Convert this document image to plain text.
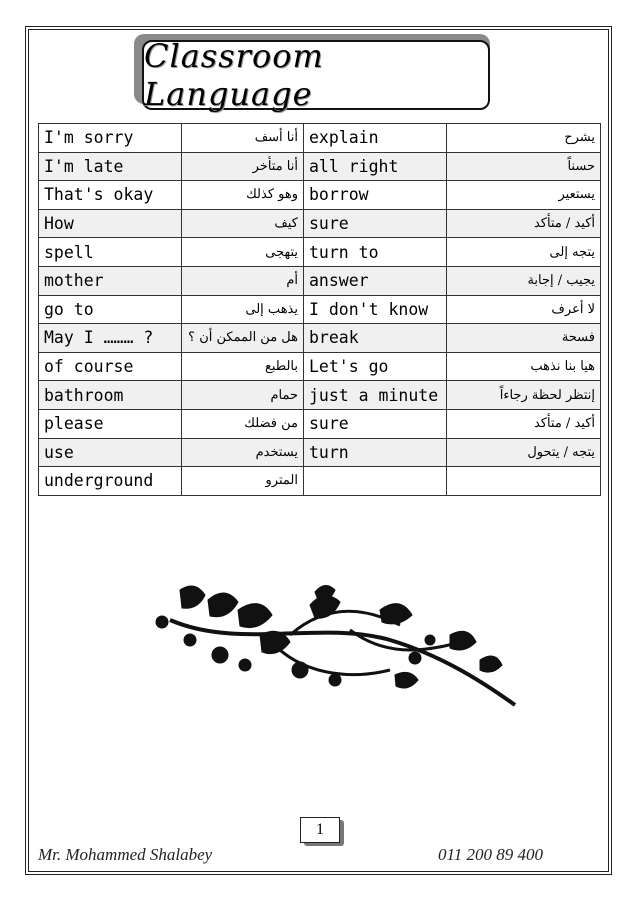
Classroom Language
I'm sorry	أنا أسف	explain	يشرح
I'm late	أنا متأخر	all right	حسناً
That's okay	وهو كذلك	borrow	يستعير
How	كيف	sure	أكيد / متأكد
spell	يتهجى	turn to	يتجه إلى
mother	أم	answer	يجيب / إجابة
go to	يذهب إلى	I don't know	لا أعرف
May I ……… ?	هل من الممكن أن ؟	break	فسحة
of course	بالطبع	Let's go	هيا بنا نذهب
bathroom	حمام	just a minute	إنتظر لحظة رجاءاً
please	من فضلك	sure	أكيد / متأكد
use	يستخدم	turn	يتجه / يتحول
underground	المترو		
1
Mr. Mohammed Shalabey	011 200 89 400
